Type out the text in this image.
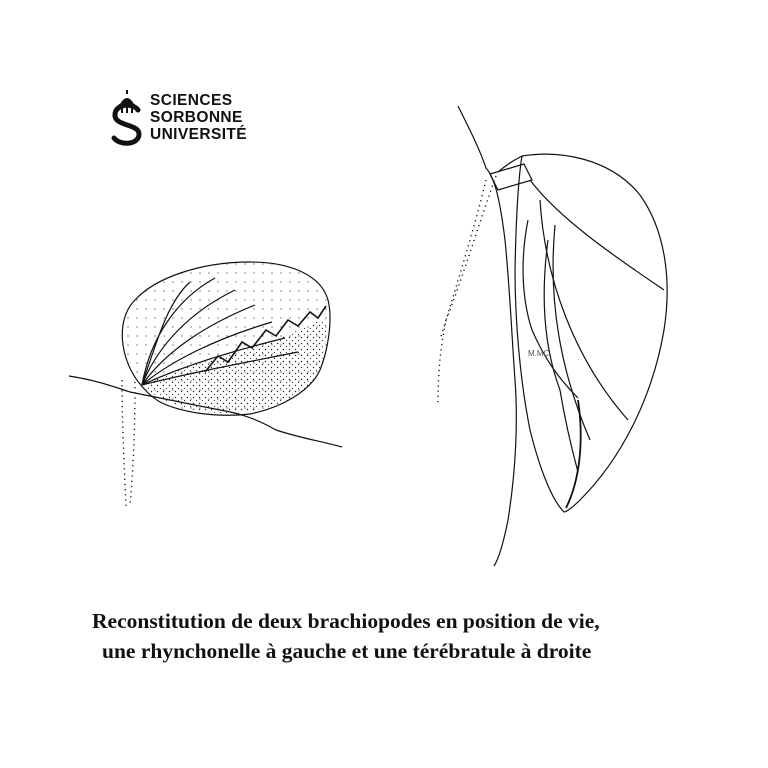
SCIENCES
SORBONNE
UNIVERSITÉ
M.MC
Reconstitution de deux brachiopodes en position de vie,
une rhynchonelle à gauche et une térébratule à droite
